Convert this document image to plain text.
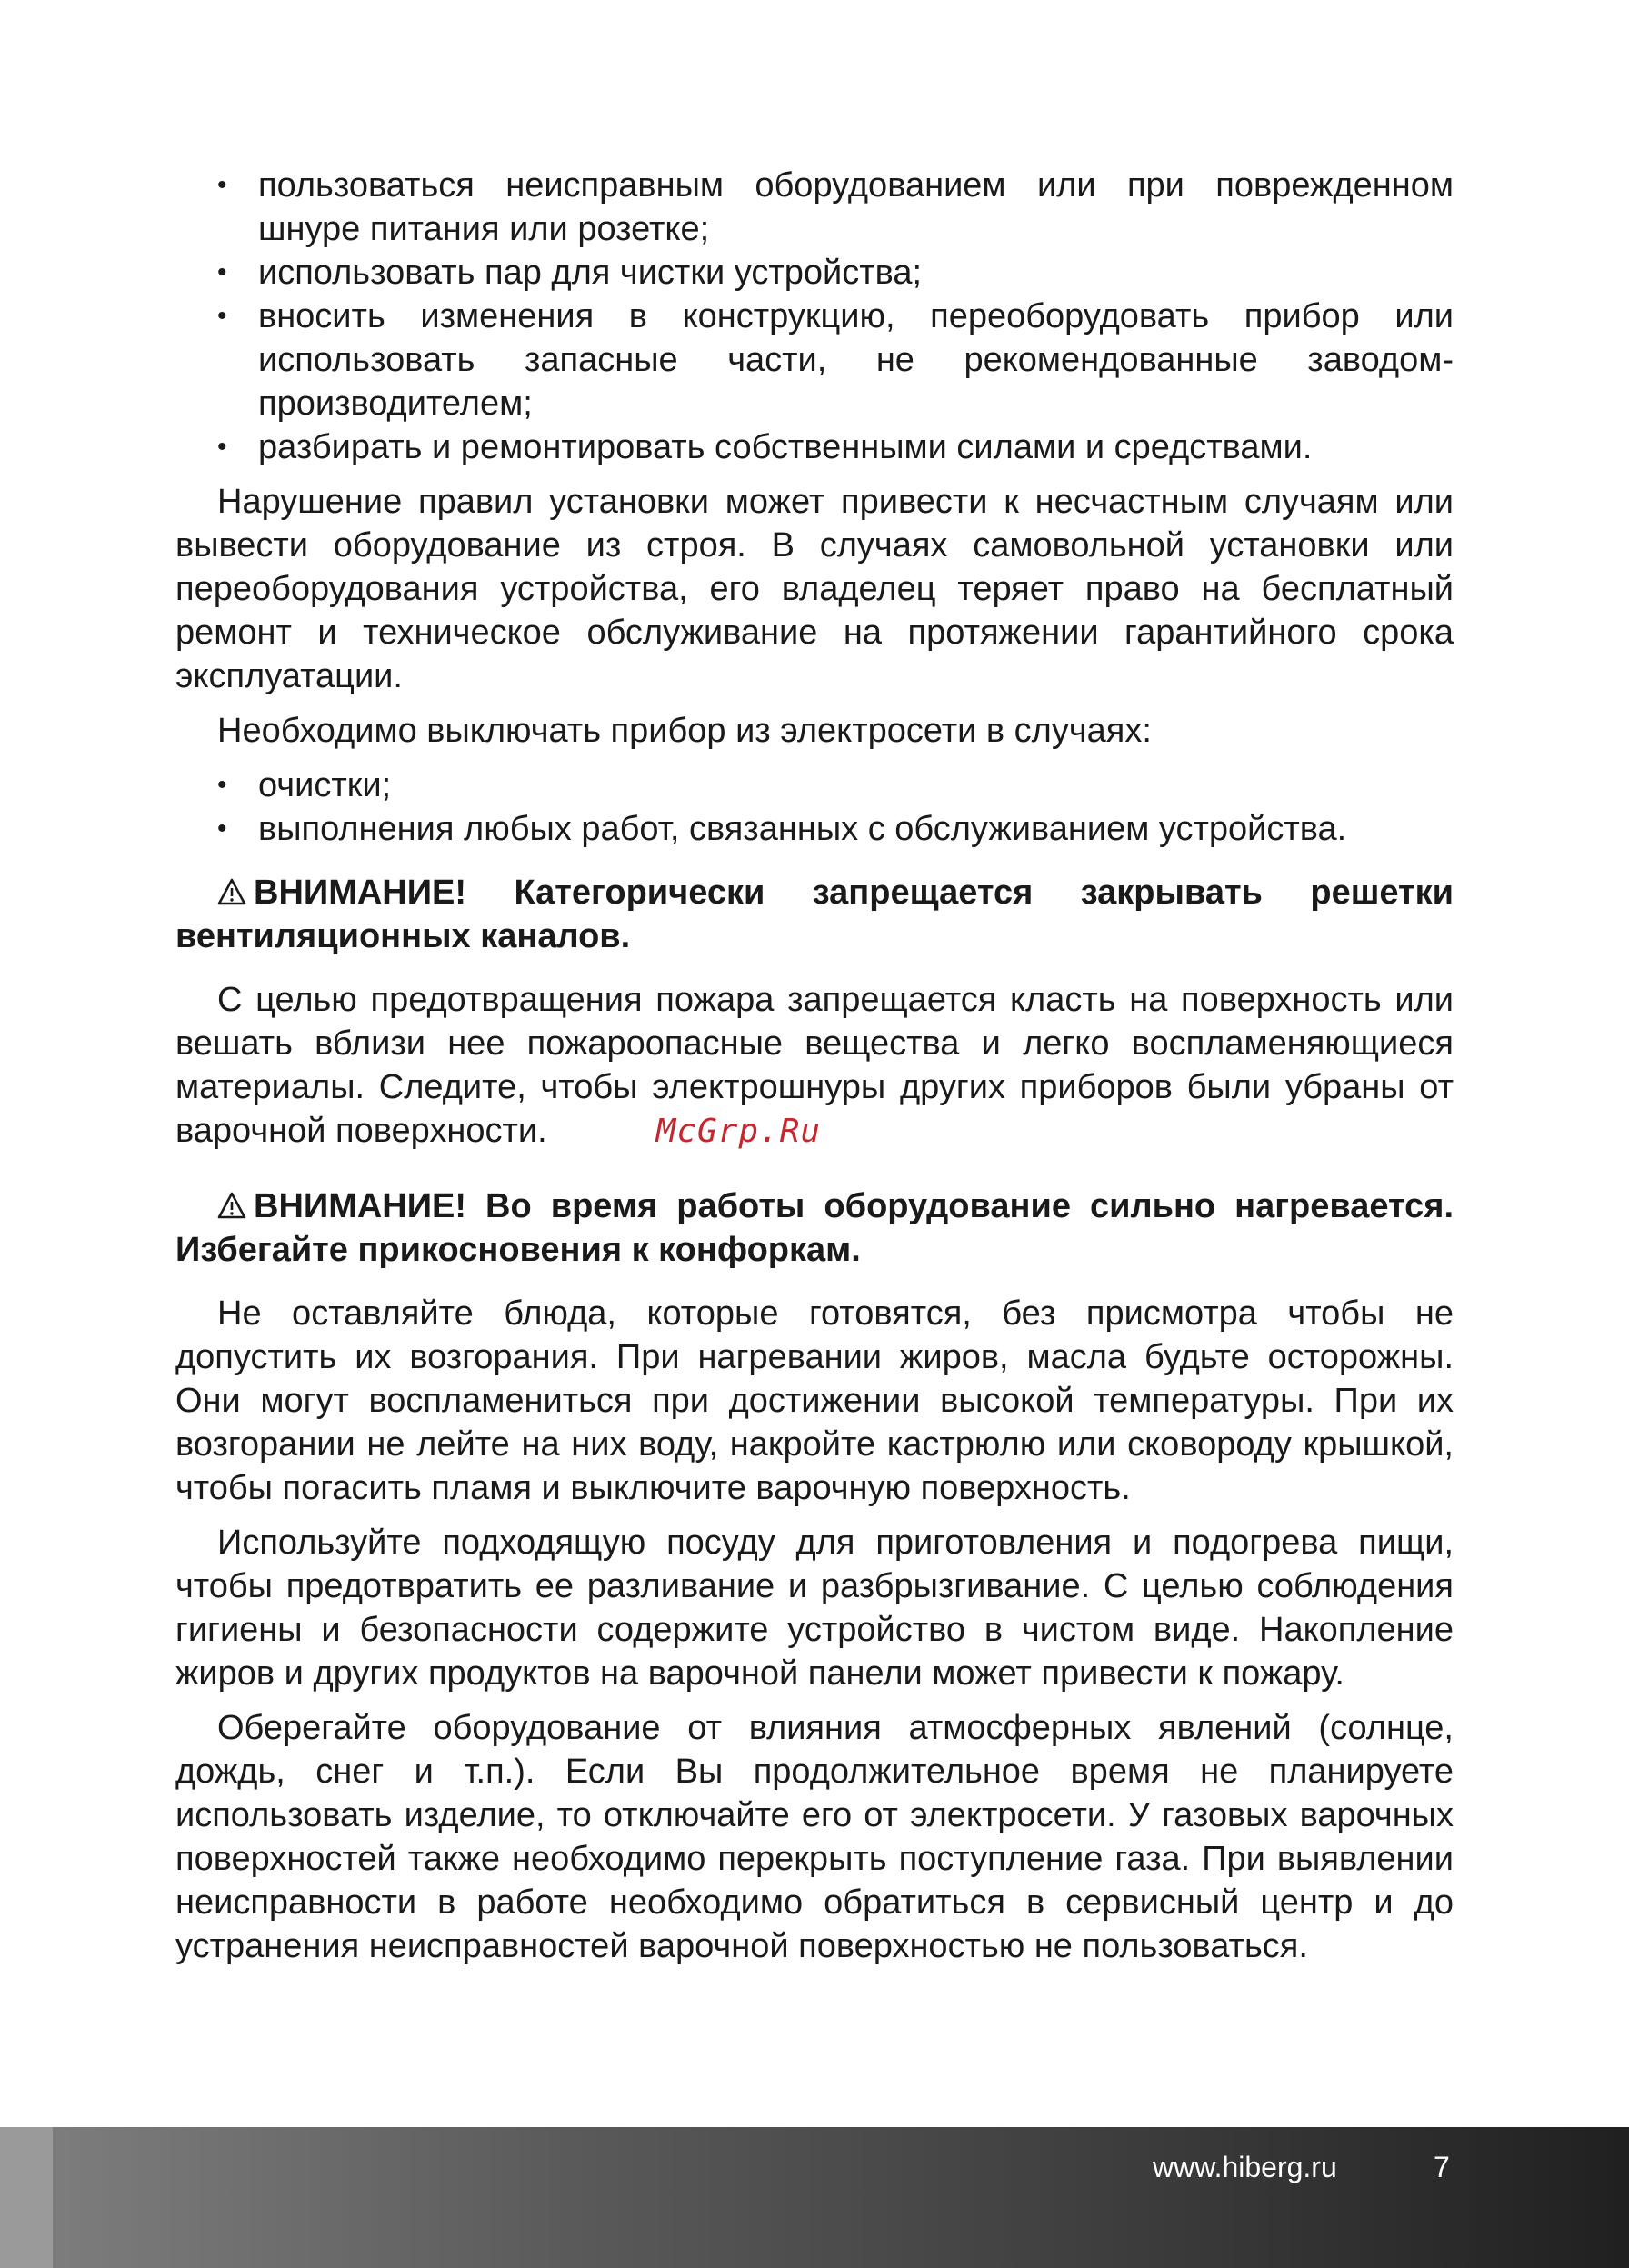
• пользоваться неисправным оборудованием или при поврежденном шнуре питания или розетке;
• использовать пар для чистки устройства;
• вносить изменения в конструкцию, переоборудовать прибор или использовать запасные части, не рекомендованные заводом-производителем;
• разбирать и ремонтировать собственными силами и средствами.

Нарушение правил установки может привести к несчастным случаям или вывести оборудование из строя. В случаях самовольной установки или переоборудования устройства, его владелец теряет право на бесплатный ремонт и техническое обслуживание на протяжении гарантийного срока эксплуатации.

Необходимо выключать прибор из электросети в случаях:

• очистки;
• выполнения любых работ, связанных с обслуживанием устройства.

ВНИМАНИЕ! Категорически запрещается закрывать решетки вентиляционных каналов.

С целью предотвращения пожара запрещается класть на поверхность или вешать вблизи нее пожароопасные вещества и легко воспламеняющиеся материалы. Следите, чтобы электрошнуры других приборов были убраны от варочной поверхности.	McGrp.Ru

ВНИМАНИЕ! Во время работы оборудование сильно нагревается. Избегайте прикосновения к конфоркам.

Не оставляйте блюда, которые готовятся, без присмотра чтобы не допустить их возгорания. При нагревании жиров, масла будьте осторожны. Они могут воспламениться при достижении высокой температуры. При их возгорании не лейте на них воду, накройте кастрюлю или сковороду крышкой, чтобы погасить пламя и выключите варочную поверхность.

Используйте подходящую посуду для приготовления и подогрева пищи, чтобы предотвратить ее разливание и разбрызгивание. С целью соблюдения гигиены и безопасности содержите устройство в чистом виде. Накопление жиров и других продуктов на варочной панели может привести к пожару.

Оберегайте оборудование от влияния атмосферных явлений (солнце, дождь, снег и т.п.). Если Вы продолжительное время не планируете использовать изделие, то отключайте его от электросети. У газовых варочных поверхностей также необходимо перекрыть поступление газа. При выявлении неисправности в работе необходимо обратиться в сервисный центр и до устранения неисправностей варочной поверхностью не пользоваться.

www.hiberg.ru	7
